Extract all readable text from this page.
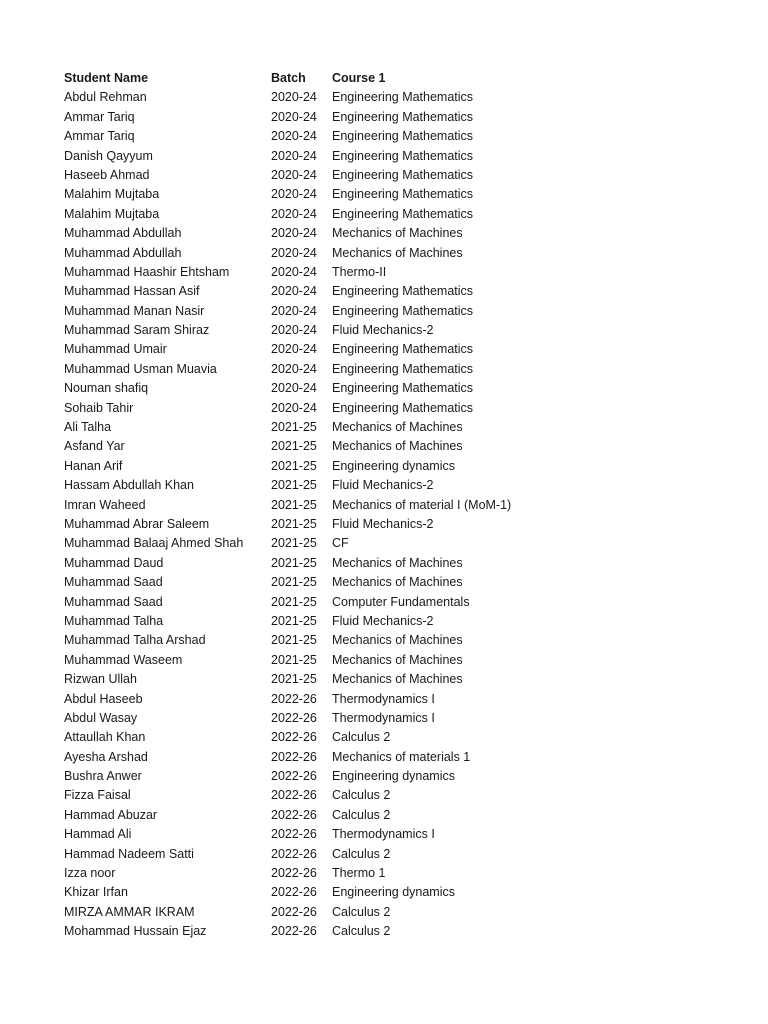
Student Name	Batch	Course 1
Abdul Rehman	2020-24	Engineering Mathematics
Ammar Tariq	2020-24	Engineering Mathematics
Ammar Tariq	2020-24	Engineering Mathematics
Danish Qayyum	2020-24	Engineering Mathematics
Haseeb Ahmad	2020-24	Engineering Mathematics
Malahim Mujtaba	2020-24	Engineering Mathematics
Malahim Mujtaba	2020-24	Engineering Mathematics
Muhammad Abdullah	2020-24	Mechanics of Machines
Muhammad Abdullah	2020-24	Mechanics of Machines
Muhammad Haashir Ehtsham	2020-24	Thermo-II
Muhammad Hassan Asif	2020-24	Engineering Mathematics
Muhammad Manan Nasir	2020-24	Engineering Mathematics
Muhammad Saram Shiraz	2020-24	Fluid Mechanics-2
Muhammad Umair	2020-24	Engineering Mathematics
Muhammad Usman Muavia	2020-24	Engineering Mathematics
Nouman shafiq	2020-24	Engineering Mathematics
Sohaib Tahir	2020-24	Engineering Mathematics
Ali Talha	2021-25	Mechanics of Machines
Asfand Yar	2021-25	Mechanics of Machines
Hanan Arif	2021-25	Engineering dynamics
Hassam Abdullah Khan	2021-25	Fluid Mechanics-2
Imran Waheed	2021-25	Mechanics of material I (MoM-1)
Muhammad Abrar Saleem	2021-25	Fluid Mechanics-2
Muhammad Balaaj Ahmed Shah	2021-25	CF
Muhammad Daud	2021-25	Mechanics of Machines
Muhammad Saad	2021-25	Mechanics of Machines
Muhammad Saad	2021-25	Computer Fundamentals
Muhammad Talha	2021-25	Fluid Mechanics-2
Muhammad Talha Arshad	2021-25	Mechanics of Machines
Muhammad Waseem	2021-25	Mechanics of Machines
Rizwan Ullah	2021-25	Mechanics of Machines
Abdul Haseeb	2022-26	Thermodynamics I
Abdul Wasay	2022-26	Thermodynamics I
Attaullah Khan	2022-26	Calculus 2
Ayesha Arshad	2022-26	Mechanics of materials 1
Bushra Anwer	2022-26	Engineering dynamics
Fizza Faisal	2022-26	Calculus 2
Hammad Abuzar	2022-26	Calculus 2
Hammad Ali	2022-26	Thermodynamics I
Hammad Nadeem Satti	2022-26	Calculus 2
Izza noor	2022-26	Thermo 1
Khizar Irfan	2022-26	Engineering dynamics
MIRZA AMMAR IKRAM	2022-26	Calculus 2
Mohammad Hussain Ejaz	2022-26	Calculus 2
